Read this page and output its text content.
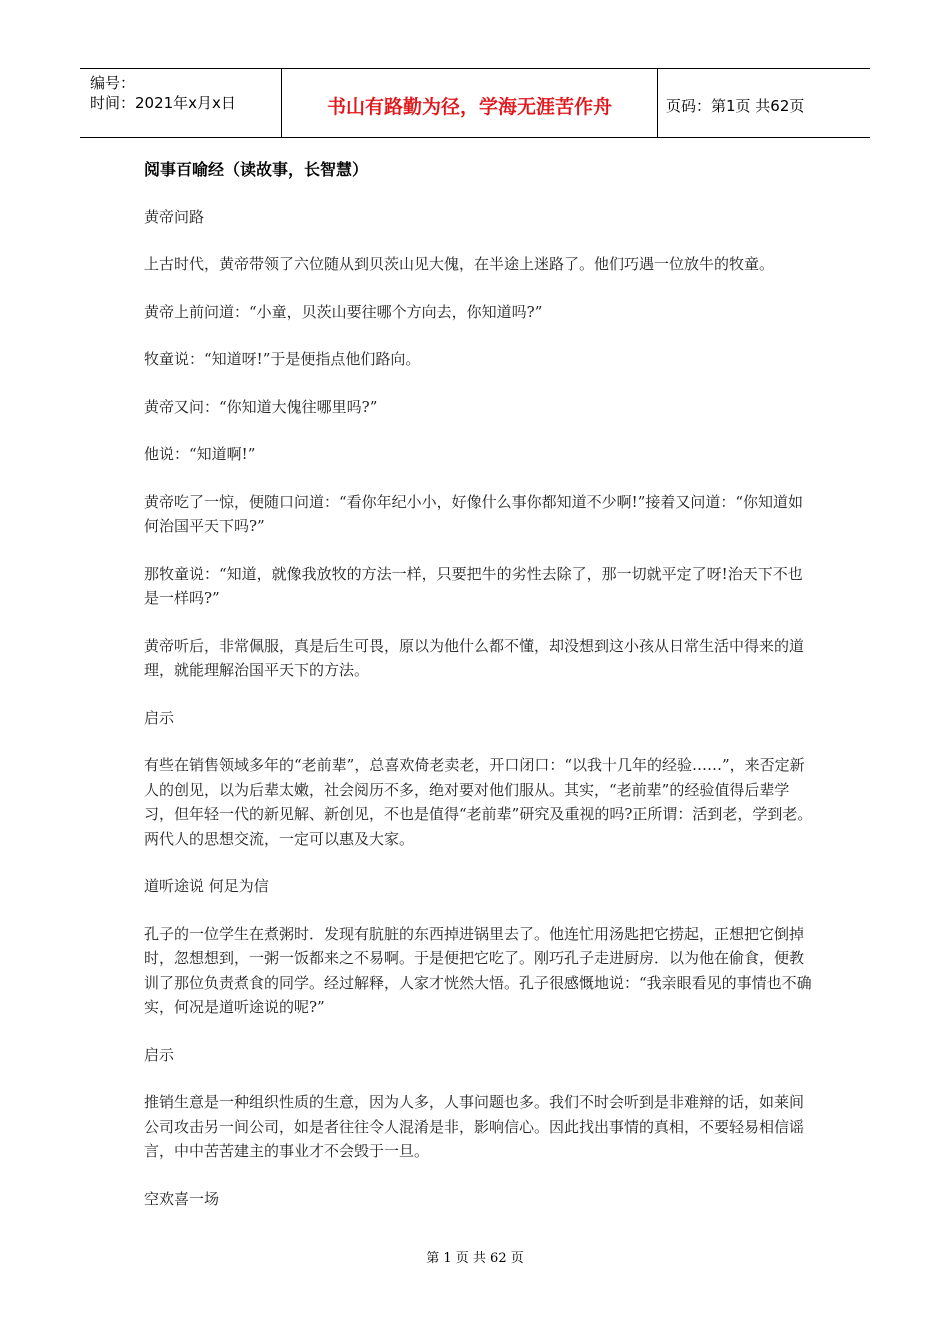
编号：
时间：2021年x月x日	书山有路勤为径，学海无涯苦作舟	页码：第1页 共62页

阅事百喻经（读故事，长智慧）

黄帝问路

上古时代，黄帝带领了六位随从到贝茨山见大傀，在半途上迷路了。他们巧遇一位放牛的牧童。

黄帝上前问道：“小童，贝茨山要往哪个方向去，你知道吗?”

牧童说：“知道呀!”于是便指点他们路向。

黄帝又问：“你知道大傀往哪里吗?”

他说：“知道啊!”

黄帝吃了一惊，便随口问道：“看你年纪小小，好像什么事你都知道不少啊!”接着又问道：“你知道如何治国平天下吗?”

那牧童说：“知道，就像我放牧的方法一样，只要把牛的劣性去除了，那一切就平定了呀!治天下不也是一样吗?”

黄帝听后，非常佩服，真是后生可畏，原以为他什么都不懂，却没想到这小孩从日常生活中得来的道理，就能理解治国平天下的方法。

启示

有些在销售领域多年的“老前辈”，总喜欢倚老卖老，开口闭口：“以我十几年的经验……”，来否定新人的创见，以为后辈太嫩，社会阅历不多，绝对要对他们服从。其实，“老前辈”的经验值得后辈学习，但年轻一代的新见解、新创见，不也是值得“老前辈”研究及重视的吗?正所谓：活到老，学到老。两代人的思想交流，一定可以惠及大家。

道听途说 何足为信

孔子的一位学生在煮粥时．发现有肮脏的东西掉进锅里去了。他连忙用汤匙把它捞起，正想把它倒掉时，忽想想到，一粥一饭都来之不易啊。于是便把它吃了。刚巧孔子走进厨房．以为他在偷食，便教训了那位负责煮食的同学。经过解释，人家才恍然大悟。孔子很感慨地说：“我亲眼看见的事情也不确实，何况是道听途说的呢?”

启示

推销生意是一种组织性质的生意，因为人多，人事问题也多。我们不时会听到是非难辩的话，如莱间公司攻击另一间公司，如是者往往令人混淆是非，影响信心。因此找出事情的真相，不要轻易相信谣言，中中苦苦建主的事业才不会毁于一旦。

空欢喜一场

第 1 页 共 62 页
